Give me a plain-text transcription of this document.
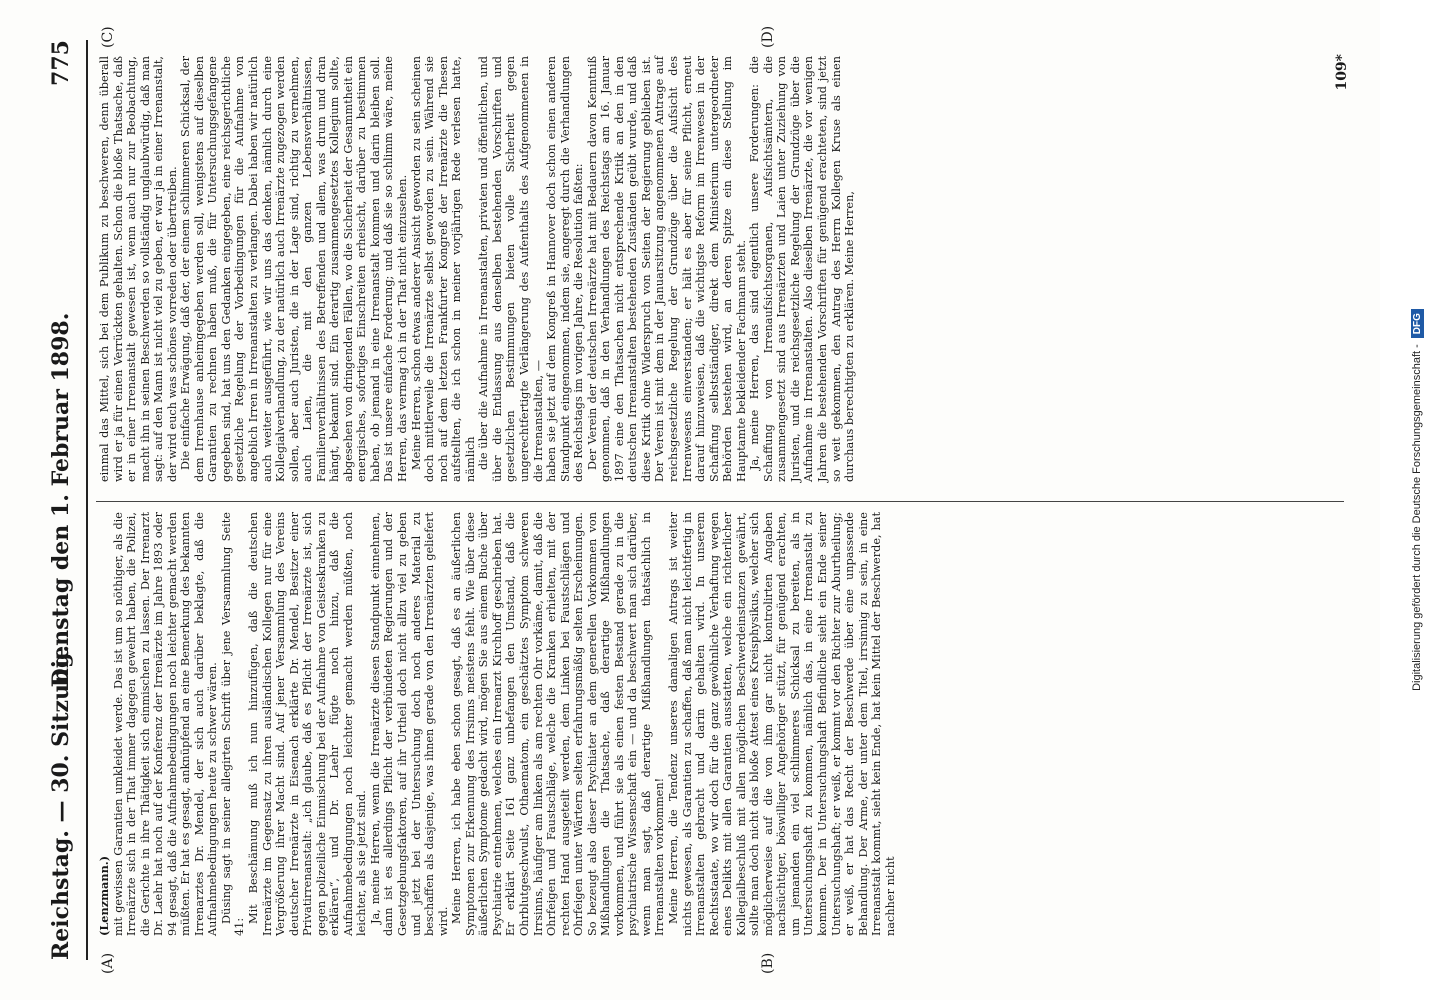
Reichstag. — 30. Sitzung.
Dienstag den 1. Februar 1898.
775
(A)	(B)
(C)	(D)

(Lenzmann.) mit gewissen Garantien umkleidet werde. Das ist um so nöthiger, als die Irrenärzte sich in der That immer dagegen gewehrt haben, die Polizei, die Gerichte in ihre Thätigkeit sich einmischen zu lassen. Der Irrenarzt Dr. Laehr hat noch auf der Konferenz der Irrenärzte im Jahre 1893 oder 94 gesagt, daß die Aufnahmebedingungen noch leichter gemacht werden müßten. Er hat es gesagt, anknüpfend an eine Bemerkung des bekannten Irrenarztes Dr. Mendel, der sich auch darüber beklagte, daß die Aufnahmebedingungen heute zu schwer wären. Düsing sagt in seiner allegirten Schrift über jene Versammlung Seite 41:

Mit Beschämung muß ich nun hinzufügen, daß die deutschen Irrenärzte im Gegensatz zu ihren ausländischen Kollegen nur für eine Vergrößerung ihrer Macht sind. Auf jener Versammlung des Vereins deutscher Irrenärzte in Eisenach erklärte Dr. Mendel, Besitzer einer Privatirrenanstalt: „ich glaube, daß es Pflicht der Irrenärzte ist, sich gegen polizeiliche Einmischung bei der Aufnahme von Geisteskranken zu erklären“, und Dr. Laehr fügte noch hinzu, daß die Aufnahmebedingungen noch leichter gemacht werden müßten, noch leichter, als sie jetzt sind. Ja, meine Herren, wenn die Irrenärzte diesen Standpunkt einnehmen, dann ist es allerdings Pflicht der verbündeten Regierungen und der Gesetzgebungsfaktoren, auf ihr Urtheil doch nicht allzu viel zu geben und jetzt bei der Untersuchung doch noch anderes Material zu beschaffen als dasjenige, was ihnen gerade von den Irrenärzten geliefert wird. Meine Herren, ich habe eben schon gesagt, daß es an äußerlichen Symptomen zur Erkennung des Irrsinns meistens fehlt. Wie über diese äußerlichen Symptome gedacht wird, mögen Sie aus einem Buche über Psychiatrie entnehmen, welches ein Irrenarzt Kirchhoff geschrieben hat. Er erklärt Seite 161 ganz unbefangen den Umstand, daß die Ohrblutgeschwulst, Othaematom, ein geschätztes Symptom schweren Irrsinns, häufiger am linken als am rechten Ohr vorkäme, damit, daß die Ohrfeigen und Faustschläge, welche die Kranken erhielten, mit der rechten Hand ausgeteilt werden, dem Linken bei Faustschlägen und Ohrfeigen unter Wärtern selten erfahrungsmäßig selten Erscheinungen. So bezeugt also dieser Psychiater an dem generellen Vorkommen von Mißhandlungen die Thatsache, daß derartige Mißhandlungen vorkommen, und führt sie als einen festen Bestand gerade zu in die psychiatrische Wissenschaft ein — und da beschwert man sich darüber, wenn man sagt, daß derartige Mißhandlungen thatsächlich in Irrenanstalten vorkommen! Meine Herren, die Tendenz unseres damaligen Antrags ist weiter nichts gewesen, als Garantien zu schaffen, daß man nicht leichtfertig in Irrenanstalten gebracht und darin gehalten wird. In unserem Rechtsstaate, wo wir doch für die ganz gewöhnliche Verhaftung wegen eines Delikts mit allen Garantien ausstatten, welche ein richterlicher Kollegialbeschluß mit allen möglichen Beschwerdeinstanzen gewährt, sollte man doch nicht das bloße Attest eines Kreisphysikus, welcher sich möglicherweise auf die von ihm gar nicht kontrolirten Angaben nachsüchtiger, böswilliger Angehöriger stützt, für genügend erachten, um jemanden ein viel schlimmeres Schicksal zu bereiten, als in Untersuchungshaft zu kommen, nämlich das, in eine Irrenanstalt zu kommen. Der in Untersuchungshaft Befindliche sieht ein Ende seiner Untersuchungshaft; er weiß, er kommt vor den Richter zur Aburtheilung; er weiß, er hat das Recht der Beschwerde über eine unpassende Behandlung. Der Arme, der unter dem Titel, irrsinnig zu sein, in eine Irrenanstalt kommt, sieht kein Ende, hat kein Mittel der Beschwerde, hat nachher nicht

einmal das Mittel, sich bei dem Publikum zu beschweren, denn überall wird er ja für einen Verrückten gehalten. Schon die bloße Thatsache, daß er in einer Irrenanstalt gewesen ist, wenn auch nur zur Beobachtung, macht ihn in seinen Beschwerden so vollständig unglaubwürdig, daß man sagt: auf den Mann ist nicht viel zu geben, er war ja in einer Irrenanstalt, der wird euch was schönes vorreden oder übertreiben. Die einfache Erwägung, daß der, der einem schlimmeren Schicksal, der dem Irrenhause anheimgegeben werden soll, wenigstens auf dieselben Garantien zu rechnen haben muß, die für Untersuchungsgefangene gegeben sind, hat uns den Gedanken eingegeben, eine reichsgerichtliche gesetzliche Regelung der Vorbedingungen für die Aufnahme von angeblich Irren in Irrenanstalten zu verlangen. Dabei haben wir natürlich auch weiter ausgeführt, wie wir uns das denken, nämlich durch eine Kollegialverhandlung, zu der natürlich auch Irrenärzte zugezogen werden sollen, aber auch Juristen, die in der Lage sind, richtig zu vernehmen, auch Laien, die mit den ganzen Lebensverhältnissen, Familienverhältnissen des Betreffenden und allem, was drum und dran hängt, bekannt sind. Ein derartig zusammengesetztes Kollegium sollte, abgesehen von dringenden Fällen, wo die Sicherheit der Gesammtheit ein energisches, sofortiges Einschreiten erheischt, darüber zu bestimmen haben, ob jemand in eine Irrenanstalt kommen und darin bleiben soll. Das ist unsere einfache Forderung; und daß sie so schlimm wäre, meine Herren, das vermag ich in der That nicht einzusehen. Meine Herren, schon etwas anderer Ansicht geworden zu sein scheinen doch mittlerweile die Irrenärzte selbst geworden zu sein. Während sie noch auf dem letzten Frankfurter Kongreß der Irrenärzte die Thesen aufstellten, die ich schon in meiner vorjährigen Rede verlesen hatte, nämlich die über die Aufnahme in Irrenanstalten, privaten und öffentlichen, und über die Entlassung aus denselben bestehenden Vorschriften und gesetzlichen Bestimmungen bieten volle Sicherheit gegen ungerechtfertigte Verlängerung des Aufenthalts des Aufgenommenen in die Irrenanstalten, — haben sie jetzt auf dem Kongreß in Hannover doch schon einen anderen Standpunkt eingenommen, indem sie, angeregt durch die Verhandlungen des Reichstags im vorigen Jahre, die Resolution faßten: Der Verein der deutschen Irrenärzte hat mit Bedauern davon Kenntniß genommen, daß in den Verhandlungen des Reichstags am 16. Januar 1897 eine den Thatsachen nicht entsprechende Kritik an den in den deutschen Irrenanstalten bestehenden Zuständen geübt wurde, und daß diese Kritik ohne Widerspruch von Seiten der Regierung geblieben ist. Der Verein ist mit dem in der Januarsitzung angenommenen Antrage auf reichsgesetzliche Regelung der Grundzüge über die Aufsicht des Irrenwesens einverstanden; er hält es aber für seine Pflicht, erneut darauf hinzuweisen, daß die wichtigste Reform im Irrenwesen in der Schaffung selbstständiger, direkt dem Ministerium untergeordneter Behörden bestehen wird, an deren Spitze ein diese Stellung im Hauptamte bekleidender Fachmann steht. Ja, meine Herren, das sind eigentlich unsere Forderungen: die Schaffung von Irrenaufsichtsorganen, Aufsichtsämtern, die zusammengesetzt sind aus Irrenärzten und Laien unter Zuziehung von Juristen, und die reichsgesetzliche Regelung der Grundzüge über die Aufnahme in Irrenanstalten. Also dieselben Irrenärzte, die vor wenigen Jahren die bestehenden Vorschriften für genügend erachteten, sind jetzt so weit gekommen, den Antrag des Herrn Kollegen Kruse als einen durchaus berechtigten zu erklären. Meine Herren,

109*
Digitalisierung gefördert durch die Deutsche Forschungsgemeinschaft -
DFG
